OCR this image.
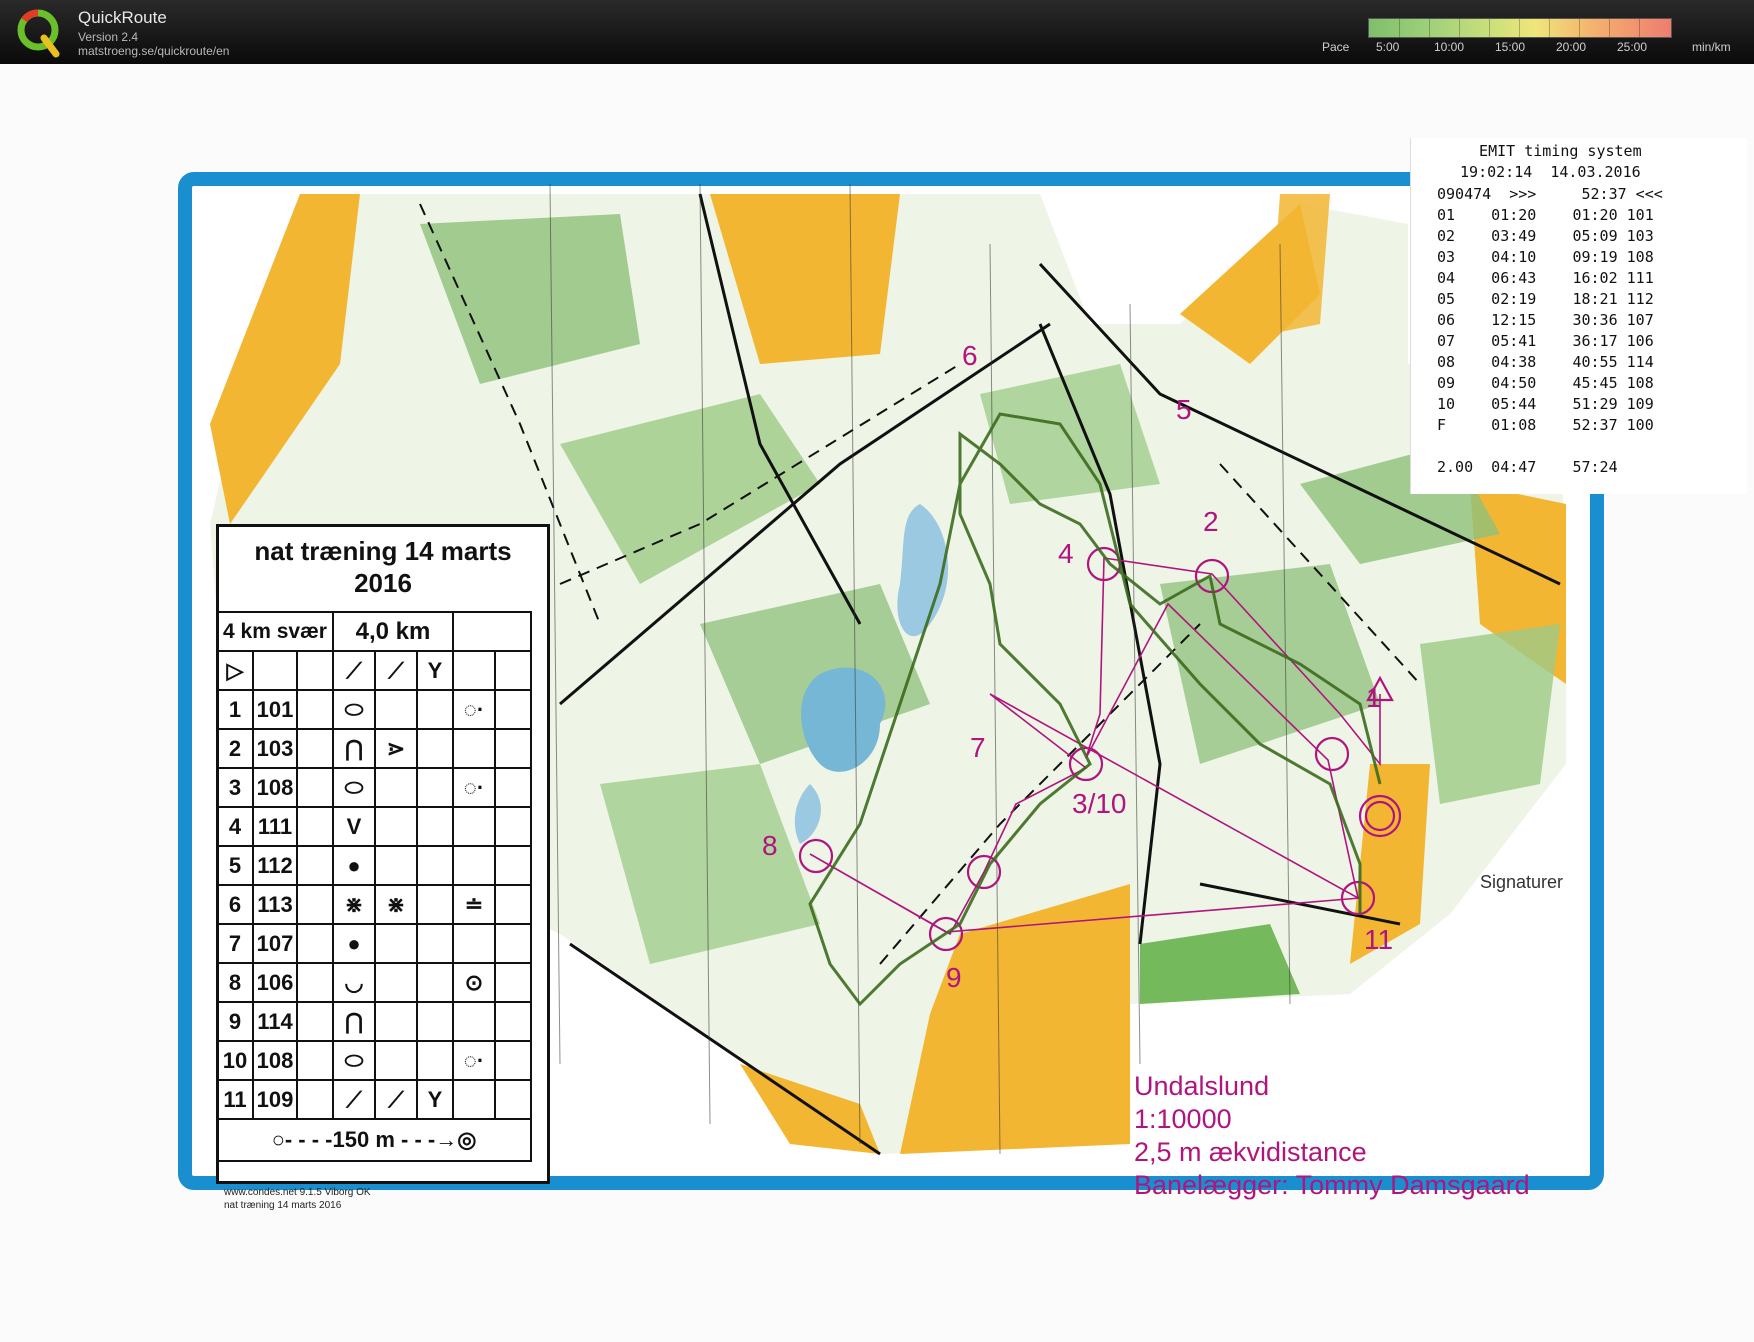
QuickRoute
Version 2.4
matstroeng.se/quickroute/en	Pace 5:00	10:00	15:00	20:00	25:00	min/km
1
2
4
5
6
7
8
9
3/10
11
Signaturer
Undalslund
1:10000
2,5 m ækvidistance
Banelægger: Tommy Damsgaard
nat træning 14 marts
2016
4 km svær			4,0 km				
▷			⟋	⟋	Y		
1	101		⬭			◌·	
2	103		⋂	⋗			
3	108		⬭			◌·	
4	111		V				
5	112		●				
6	113		⋇	⋇		≐	
7	107		●				
8	106		◡			⊙	
9	114		⋂				
10	108		⬭			◌·	
11	109		⟋	⟋	Y		
○- - - -150 m - - -→◎							
www.condes.net 9.1.5 Viborg OK
nat træning 14 marts 2016
EMIT timing system
19:02:14  14.03.2016
090474  >>>     52:37 <<<
01    01:20    01:20 101
02    03:49    05:09 103
03    04:10    09:19 108
04    06:43    16:02 111
05    02:19    18:21 112
06    12:15    30:36 107
07    05:41    36:17 106
08    04:38    40:55 114
09    04:50    45:45 108
10    05:44    51:29 109
F     01:08    52:37 100
2.00  04:47    57:24
